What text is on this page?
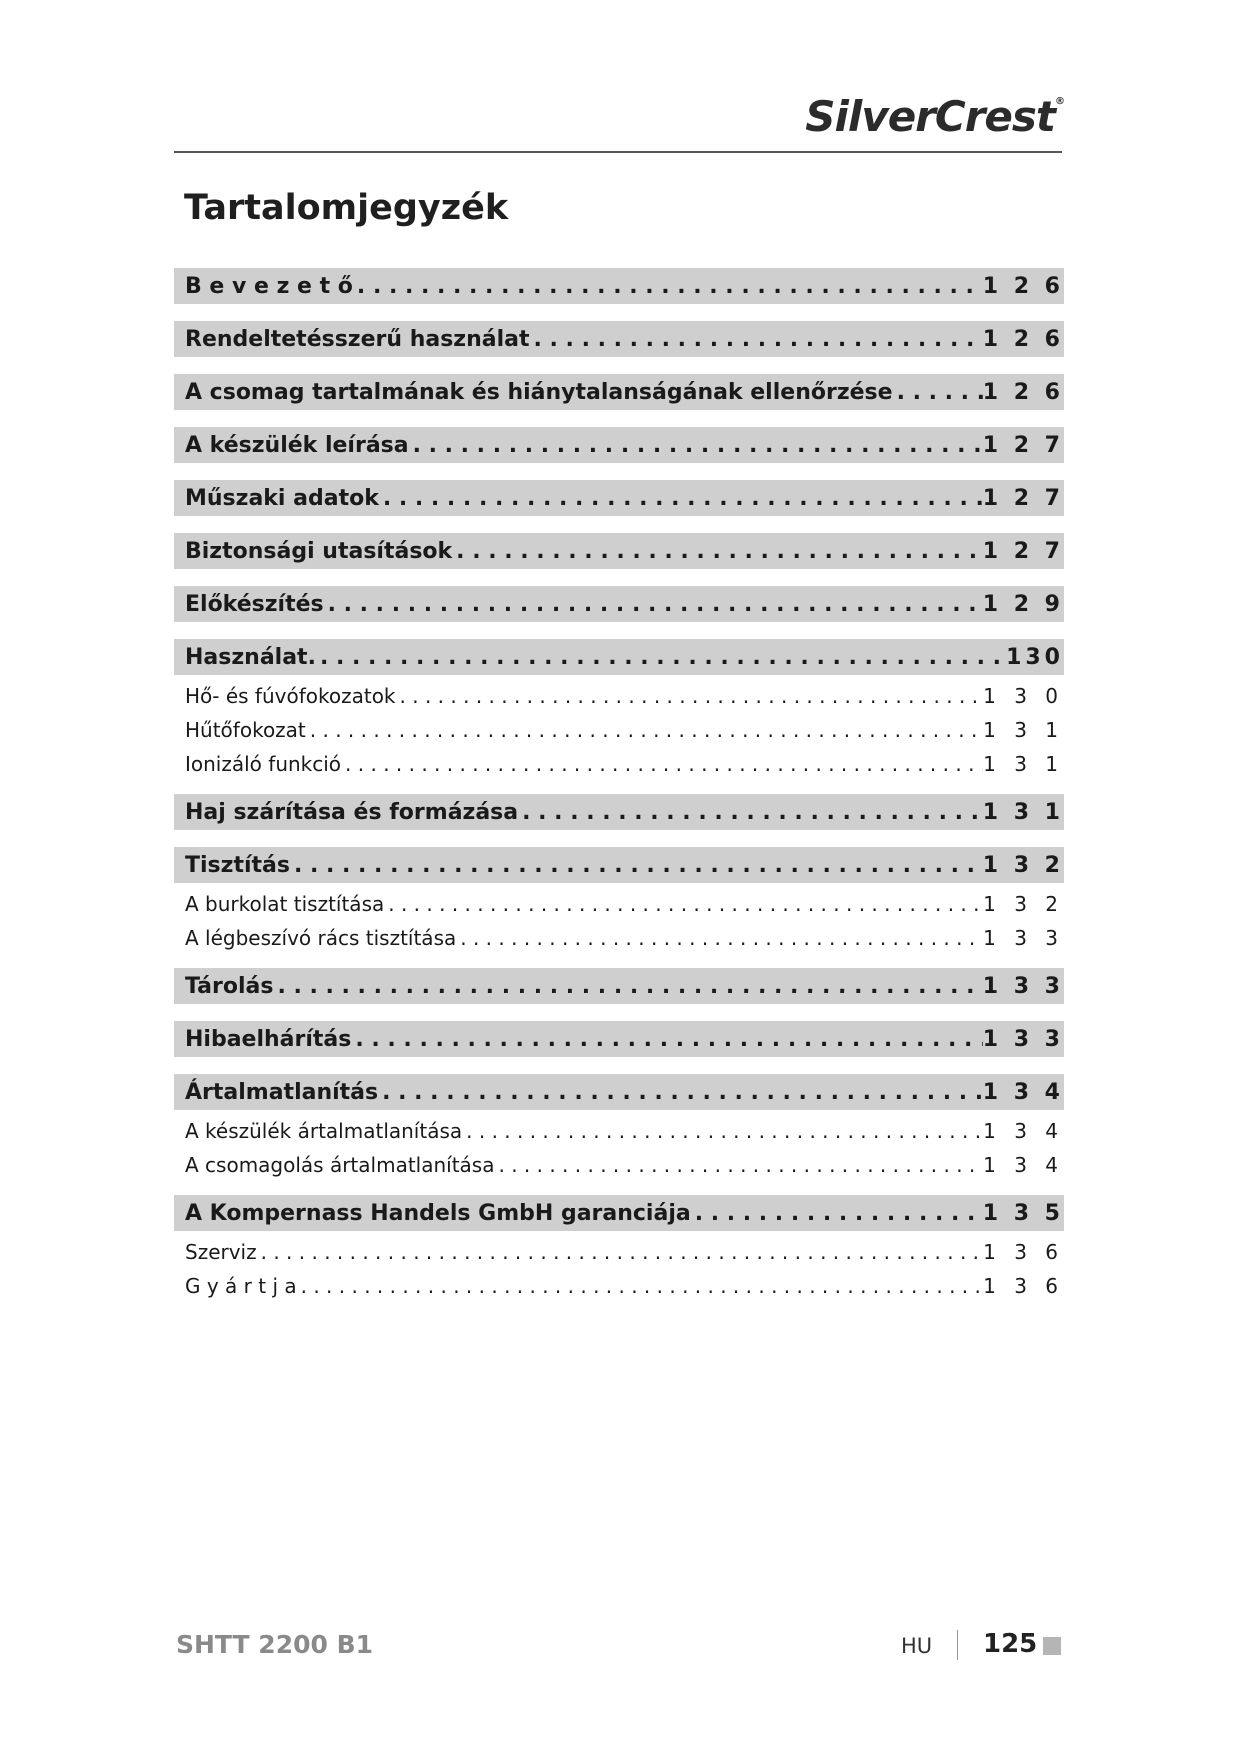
SilverCrest®
Tartalomjegyzék
B e v e z e t ő . . .	1 2 6
Rendeltetésszerű használat . . .	1 2 6
A csomag tartalmának és hiánytalanságának ellenőrzése . . .	1 2 6
A készülék leírása . . .	1 2 7
Műszaki adatok . . .	1 2 7
Biztonsági utasítások . . .	1 2 7
Előkészítés . . .	1 2 9
Használat. . . .	130
Hő- és fúvófokozatok . . .	1 3 0
Hűtőfokozat . . .	1 3 1
Ionizáló funkció . . .	1 3 1
Haj szárítása és formázása . . .	1 3 1
Tisztítás . . .	1 3 2
A burkolat tisztítása . . .	1 3 2
A légbeszívó rács tisztítása . . .	1 3 3
Tárolás . . .	1 3 3
Hibaelhárítás . . .	1 3 3
Ártalmatlanítás . . .	1 3 4
A készülék ártalmatlanítása . . .	1 3 4
A csomagolás ártalmatlanítása . . .	1 3 4
A Kompernass Handels GmbH garanciája . . .	1 3 5
Szerviz . . .	1 3 6
G y á r t j a . . .	1 3 6
SHTT 2200 B1	HU 125
